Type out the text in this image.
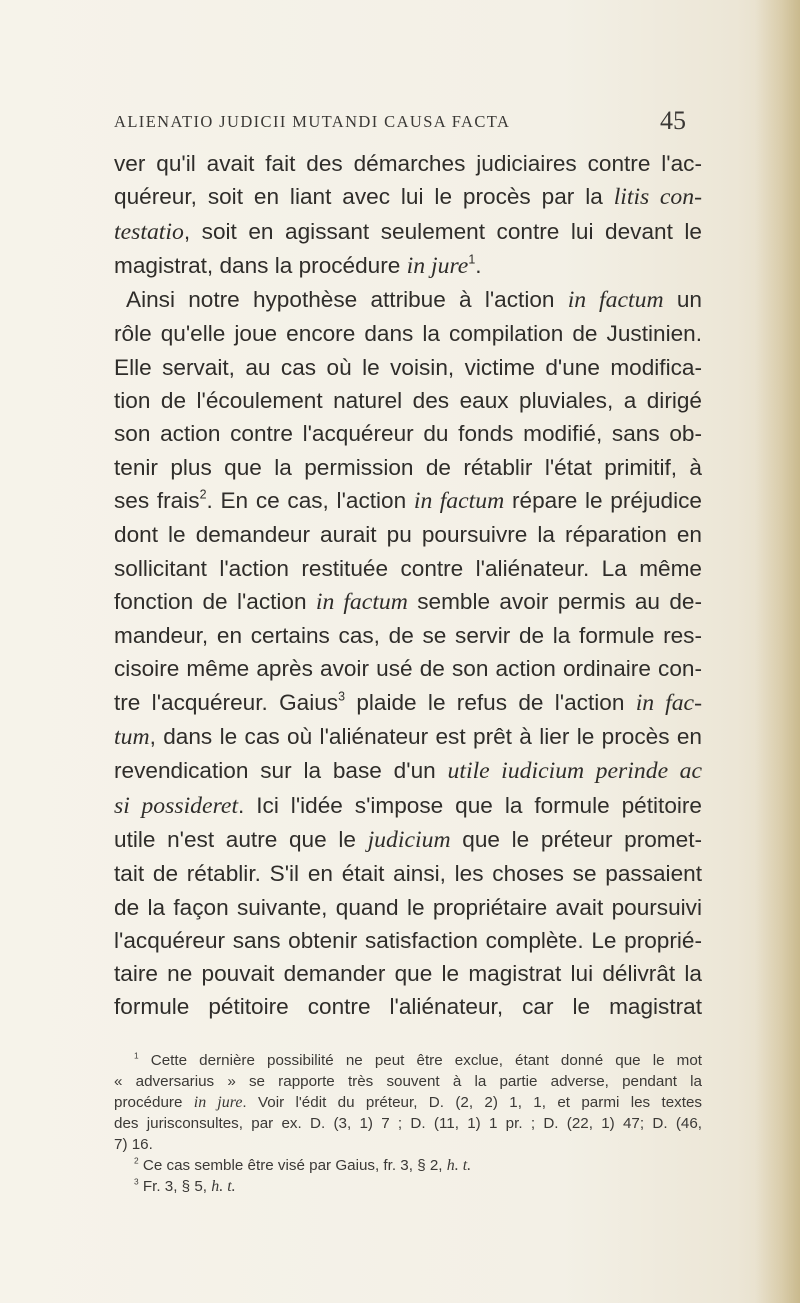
ALIENATIO JUDICII MUTANDI CAUSA FACTA	45
ver qu'il avait fait des démarches judiciaires contre l'ac-
quéreur, soit en liant avec lui le procès par la litis con-
testatio, soit en agissant seulement contre lui devant le
magistrat, dans la procédure in jure$^1$.
Ainsi notre hypothèse attribue à l'action in factum un
rôle qu'elle joue encore dans la compilation de Justinien.
Elle servait, au cas où le voisin, victime d'une modifica-
tion de l'écoulement naturel des eaux pluviales, a dirigé
son action contre l'acquéreur du fonds modifié, sans ob-
tenir plus que la permission de rétablir l'état primitif, à
ses frais$^2$. En ce cas, l'action in factum répare le préjudice
dont le demandeur aurait pu poursuivre la réparation en
sollicitant l'action restituée contre l'aliénateur. La même
fonction de l'action in factum semble avoir permis au de-
mandeur, en certains cas, de se servir de la formule res-
cisoire même après avoir usé de son action ordinaire con-
tre l'acquéreur. Gaius$^3$ plaide le refus de l'action in fac-
tum, dans le cas où l'aliénateur est prêt à lier le procès en
revendication sur la base d'un utile iudicium perinde ac
si possideret. Ici l'idée s'impose que la formule pétitoire
utile n'est autre que le judicium que le préteur promet-
tait de rétablir. S'il en était ainsi, les choses se passaient
de la façon suivante, quand le propriétaire avait poursuivi
l'acquéreur sans obtenir satisfaction complète. Le proprié-
taire ne pouvait demander que le magistrat lui délivrât la
formule pétitoire contre l'aliénateur, car le magistrat
$^1$ Cette dernière possibilité ne peut être exclue, étant donné que le mot
« adversarius » se rapporte très souvent à la partie adverse, pendant la
procédure in jure. Voir l'édit du préteur, D. (2, 2) 1, 1, et parmi les textes
des jurisconsultes, par ex. D. (3, 1) 7 ; D. (11, 1) 1 pr. ; D. (22, 1) 47; D. (46,
7) 16.
$^2$ Ce cas semble être visé par Gaius, fr. 3, § 2, h. t.
$^3$ Fr. 3, § 5, h. t.
